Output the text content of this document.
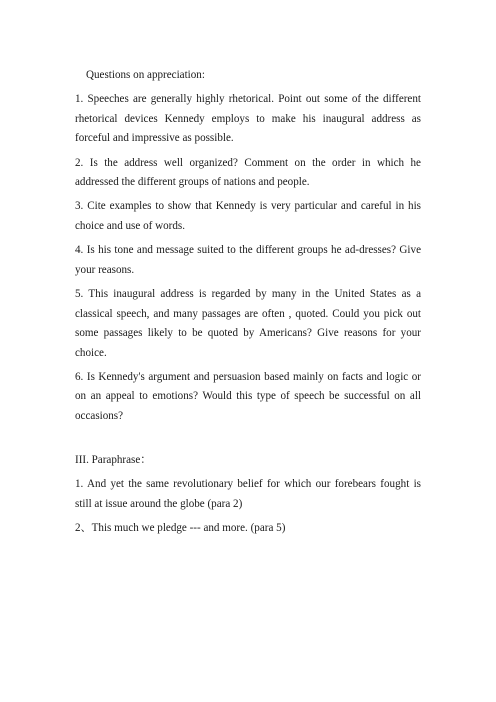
Questions on appreciation:

1. Speeches are generally highly rhetorical. Point out some of the different rhetorical devices Kennedy employs to make his inaugural address as forceful and impressive as possible.

2. Is the address well organized? Comment on the order in which he addressed the different groups of nations and people.

3. Cite examples to show that Kennedy is very particular and careful in his choice and use of words.

4. Is his tone and message suited to the different groups he ad-dresses? Give your reasons.

5. This inaugural address is regarded by many in the United States as a classical speech, and many passages are often , quoted. Could you pick out some passages likely to be quoted by Americans? Give reasons for your choice.

6. Is Kennedy's argument and persuasion based mainly on facts and logic or on an appeal to emotions? Would this type of speech be successful on all occasions?

III. Paraphrase：

1. And yet the same revolutionary belief for which our forebears fought is still at issue around the globe (para 2)

2、This much we pledge --- and more. (para 5)
